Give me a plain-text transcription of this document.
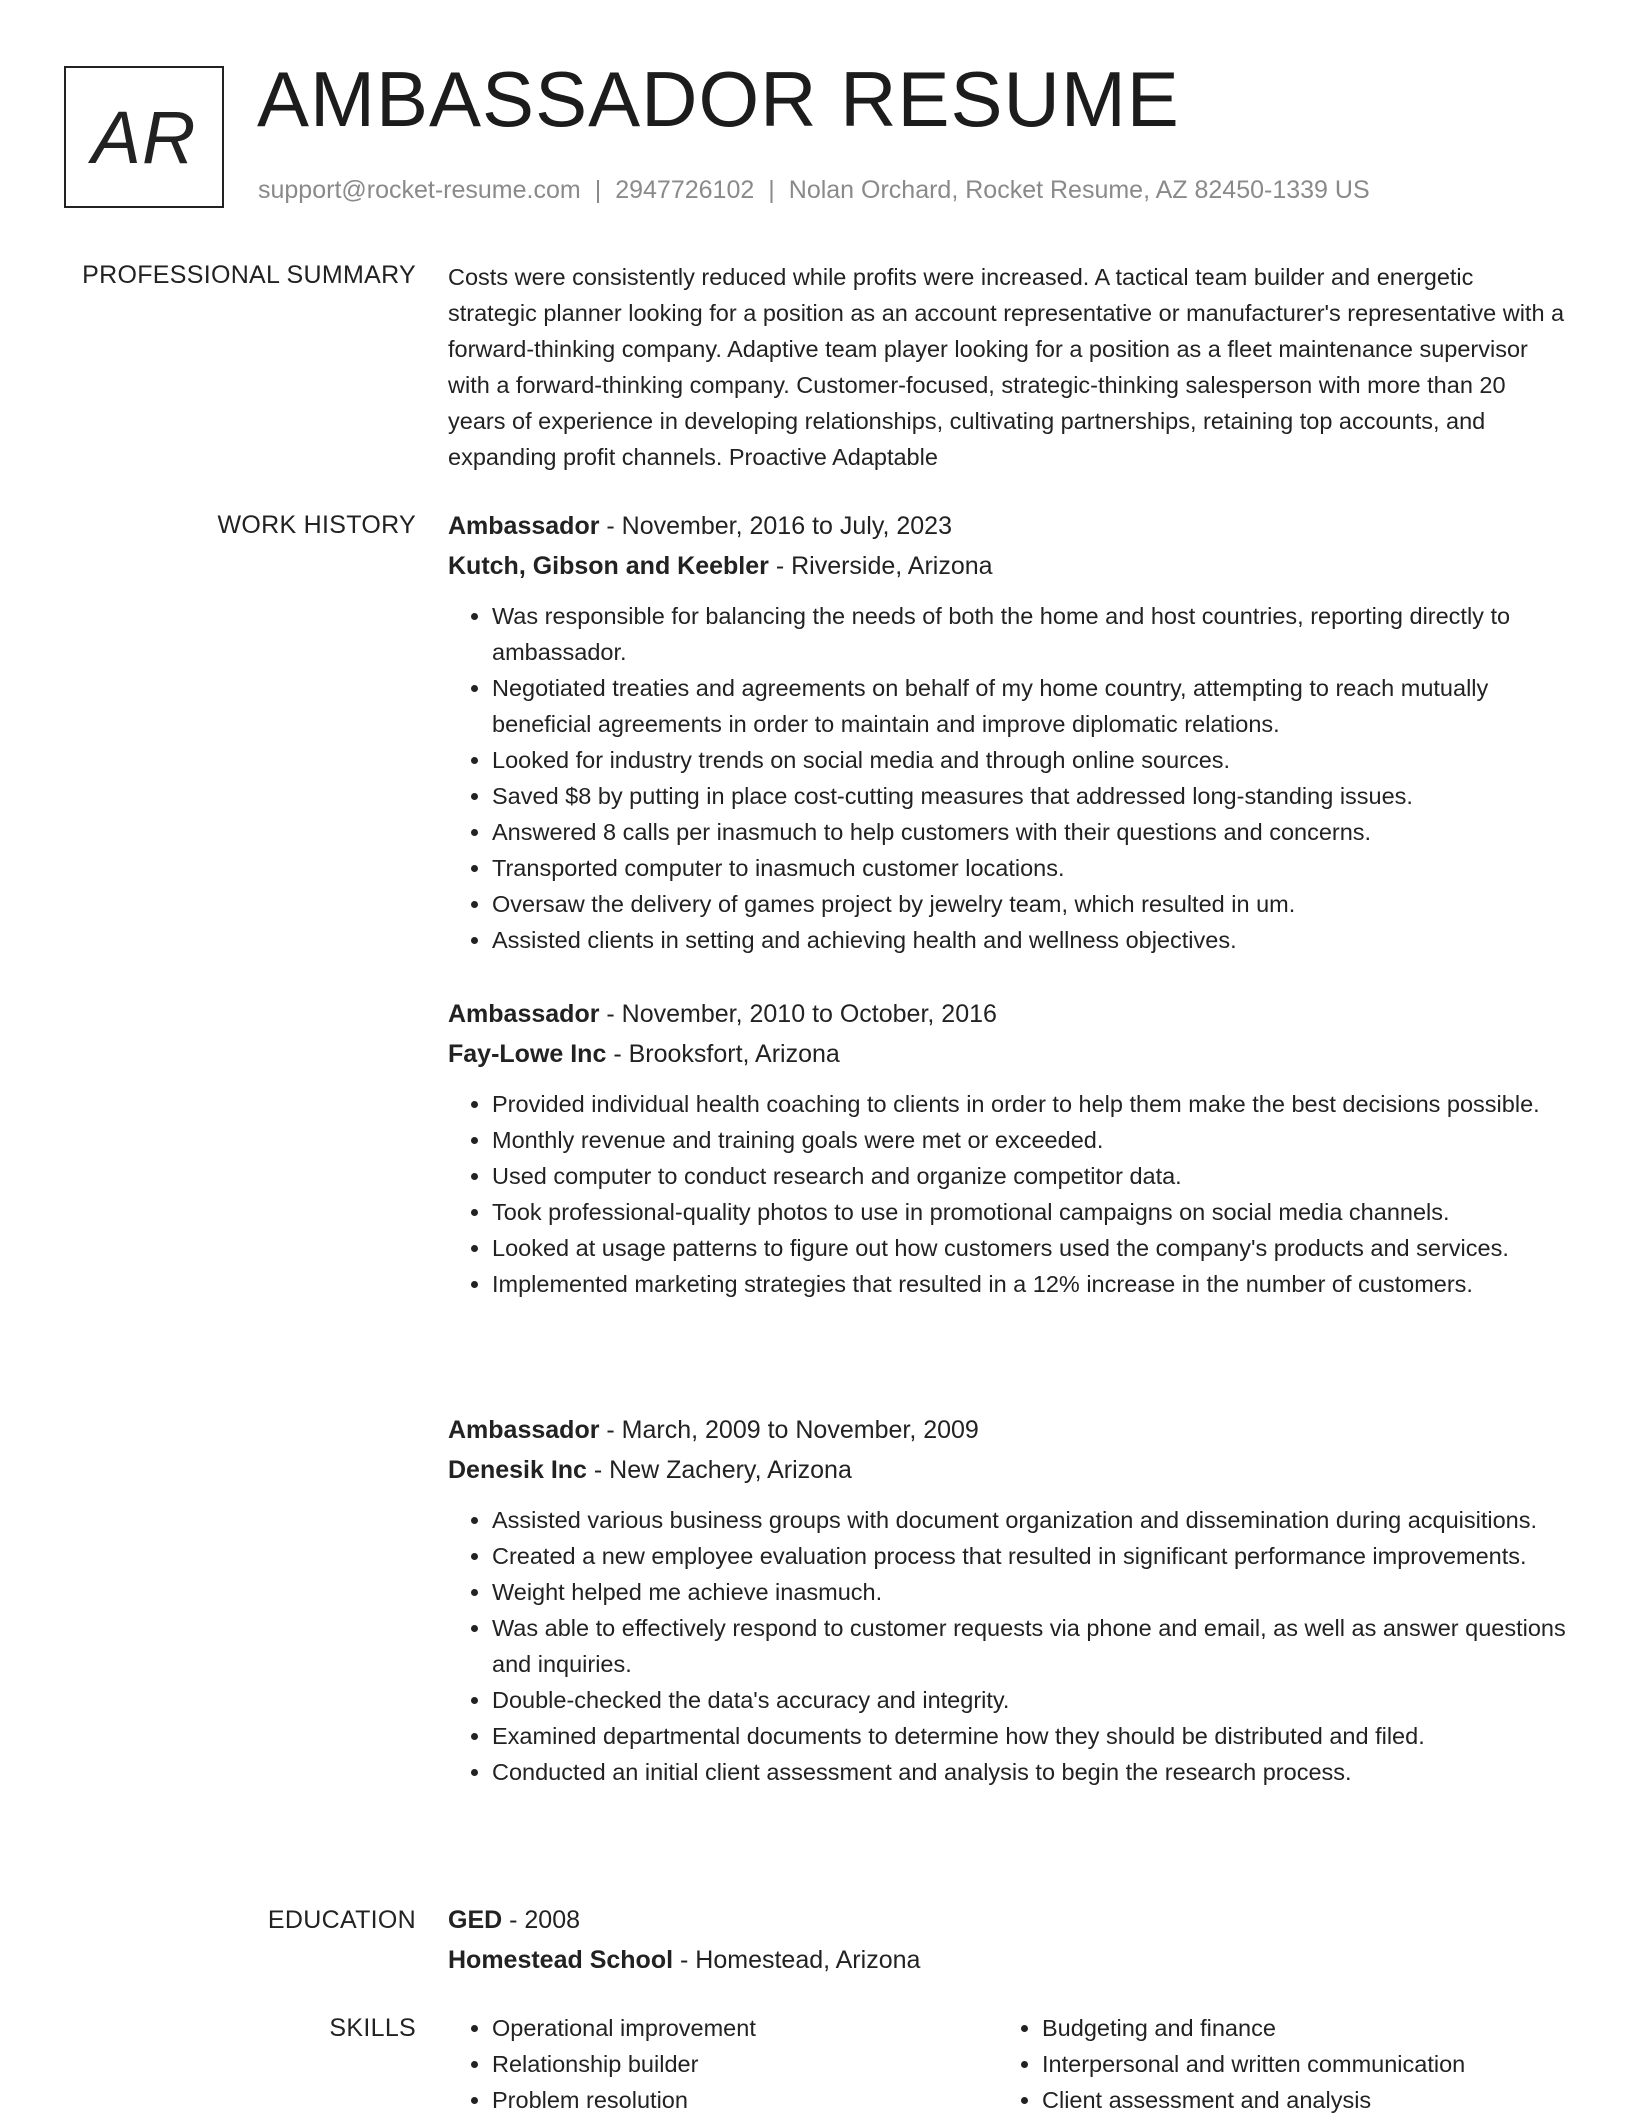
AR AMBASSADOR RESUME
support@rocket-resume.com | 2947726102 | Nolan Orchard, Rocket Resume, AZ 82450-1339 US
PROFESSIONAL SUMMARY Costs were consistently reduced while profits were increased. A tactical team builder and energetic strategic planner looking for a position as an account representative or manufacturer's representative with a forward-thinking company. Adaptive team player looking for a position as a fleet maintenance supervisor with a forward-thinking company. Customer-focused, strategic-thinking salesperson with more than 20 years of experience in developing relationships, cultivating partnerships, retaining top accounts, and expanding profit channels. Proactive Adaptable
WORK HISTORY Ambassador - November, 2016 to July, 2023
Kutch, Gibson and Keebler - Riverside, Arizona
• Was responsible for balancing the needs of both the home and host countries, reporting directly to ambassador.
• Negotiated treaties and agreements on behalf of my home country, attempting to reach mutually beneficial agreements in order to maintain and improve diplomatic relations.
• Looked for industry trends on social media and through online sources.
• Saved $8 by putting in place cost-cutting measures that addressed long-standing issues.
• Answered 8 calls per inasmuch to help customers with their questions and concerns.
• Transported computer to inasmuch customer locations.
• Oversaw the delivery of games project by jewelry team, which resulted in um.
• Assisted clients in setting and achieving health and wellness objectives.
Ambassador - November, 2010 to October, 2016
Fay-Lowe Inc - Brooksfort, Arizona
• Provided individual health coaching to clients in order to help them make the best decisions possible.
• Monthly revenue and training goals were met or exceeded.
• Used computer to conduct research and organize competitor data.
• Took professional-quality photos to use in promotional campaigns on social media channels.
• Looked at usage patterns to figure out how customers used the company's products and services.
• Implemented marketing strategies that resulted in a 12% increase in the number of customers.
Ambassador - March, 2009 to November, 2009
Denesik Inc - New Zachery, Arizona
• Assisted various business groups with document organization and dissemination during acquisitions.
• Created a new employee evaluation process that resulted in significant performance improvements.
• Weight helped me achieve inasmuch.
• Was able to effectively respond to customer requests via phone and email, as well as answer questions and inquiries.
• Double-checked the data's accuracy and integrity.
• Examined departmental documents to determine how they should be distributed and filed.
• Conducted an initial client assessment and analysis to begin the research process.
EDUCATION GED - 2008
Homestead School - Homestead, Arizona
SKILLS
•	Operational improvement
• Relationship builder
• Problem resolution
• Budgeting and finance
• Interpersonal and written communication
• Client assessment and analysis
